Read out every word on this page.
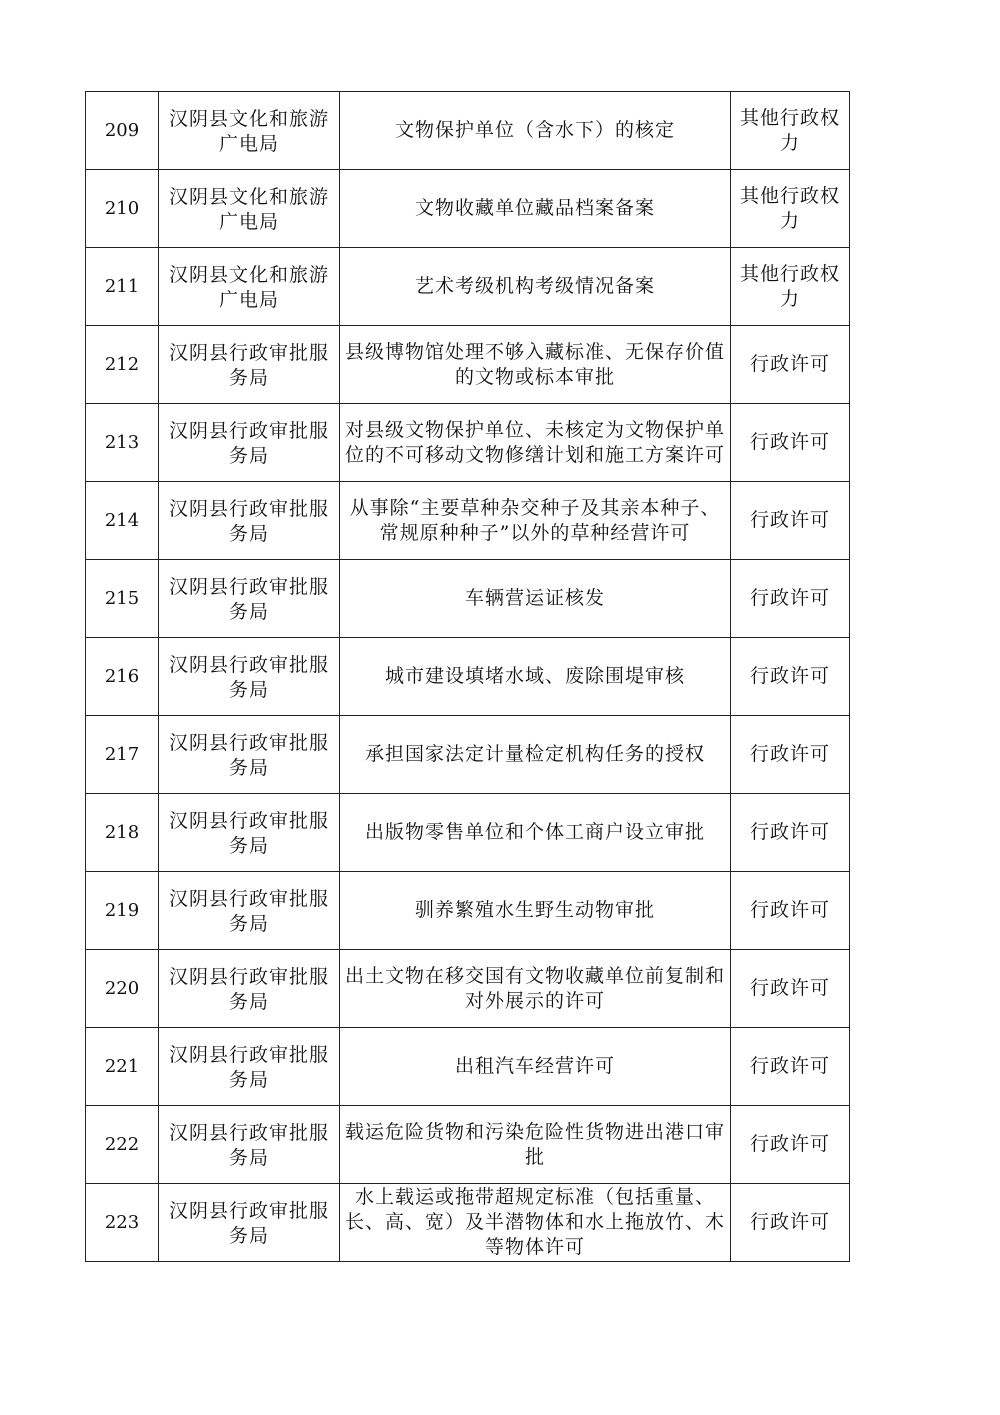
209	汉阴县文化和旅游广电局	文物保护单位（含水下）的核定	其他行政权力
210	汉阴县文化和旅游广电局	文物收藏单位藏品档案备案	其他行政权力
211	汉阴县文化和旅游广电局	艺术考级机构考级情况备案	其他行政权力
212	汉阴县行政审批服务局	县级博物馆处理不够入藏标准、无保存价值的文物或标本审批	行政许可
213	汉阴县行政审批服务局	对县级文物保护单位、未核定为文物保护单位的不可移动文物修缮计划和施工方案许可	行政许可
214	汉阴县行政审批服务局	从事除“主要草种杂交种子及其亲本种子、常规原种种子”以外的草种经营许可	行政许可
215	汉阴县行政审批服务局	车辆营运证核发	行政许可
216	汉阴县行政审批服务局	城市建设填堵水域、废除围堤审核	行政许可
217	汉阴县行政审批服务局	承担国家法定计量检定机构任务的授权	行政许可
218	汉阴县行政审批服务局	出版物零售单位和个体工商户设立审批	行政许可
219	汉阴县行政审批服务局	驯养繁殖水生野生动物审批	行政许可
220	汉阴县行政审批服务局	出土文物在移交国有文物收藏单位前复制和对外展示的许可	行政许可
221	汉阴县行政审批服务局	出租汽车经营许可	行政许可
222	汉阴县行政审批服务局	载运危险货物和污染危险性货物进出港口审批	行政许可
223	汉阴县行政审批服务局	水上载运或拖带超规定标准（包括重量、长、高、宽）及半潜物体和水上拖放竹、木等物体许可	行政许可
